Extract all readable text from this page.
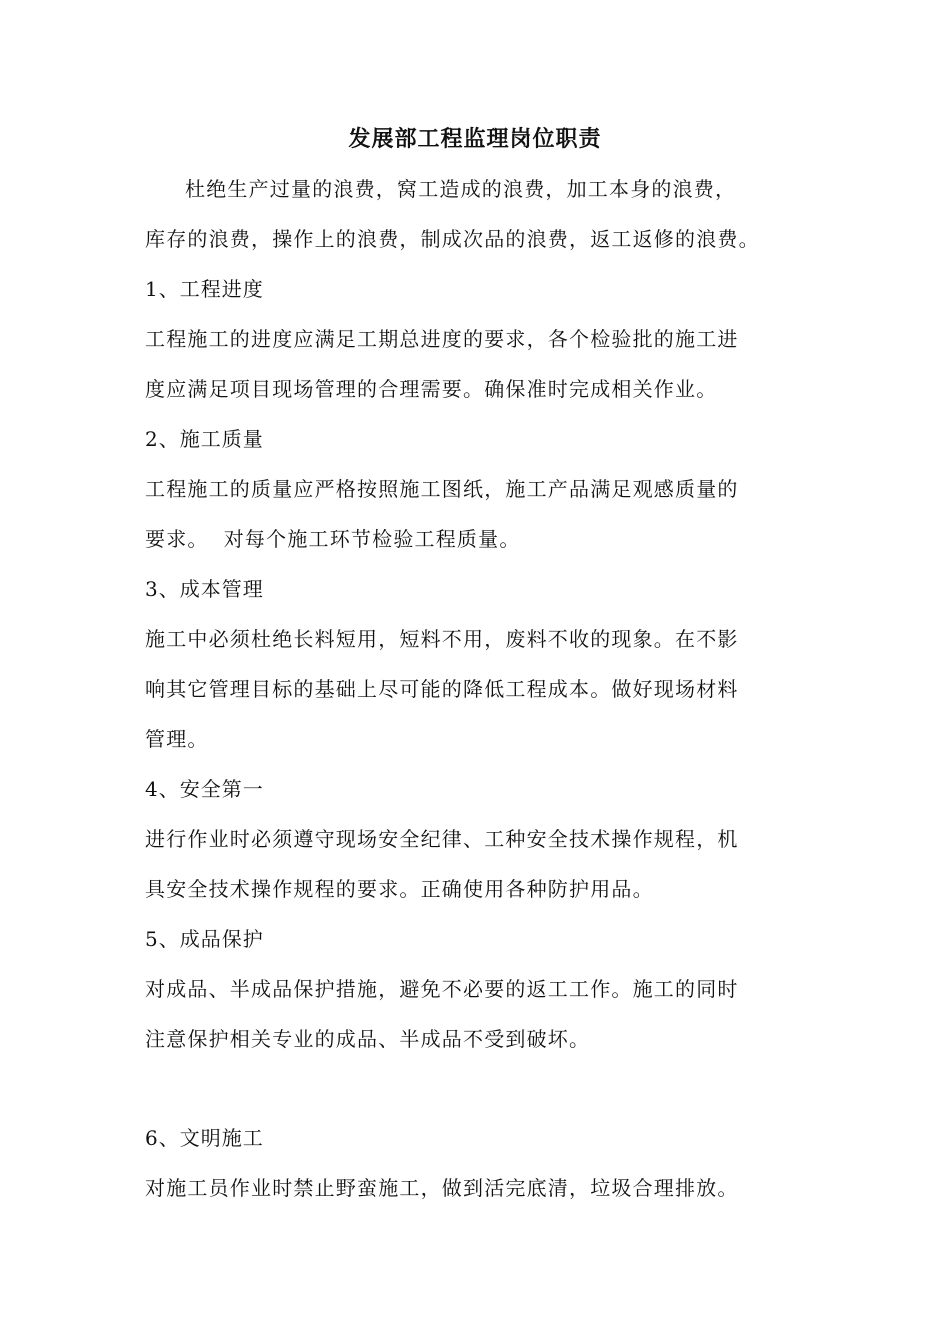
发展部工程监理岗位职责
杜绝生产过量的浪费，窝工造成的浪费，加工本身的浪费，
库存的浪费，操作上的浪费，制成次品的浪费，返工返修的浪费。
1、工程进度
工程施工的进度应满足工期总进度的要求，各个检验批的施工进
度应满足项目现场管理的合理需要。确保准时完成相关作业。
2、施工质量
工程施工的质量应严格按照施工图纸，施工产品满足观感质量的
要求。  对每个施工环节检验工程质量。
3、成本管理
施工中必须杜绝长料短用，短料不用，废料不收的现象。在不影
响其它管理目标的基础上尽可能的降低工程成本。做好现场材料
管理。
4、安全第一
进行作业时必须遵守现场安全纪律、工种安全技术操作规程，机
具安全技术操作规程的要求。正确使用各种防护用品。
5、成品保护
对成品、半成品保护措施，避免不必要的返工工作。施工的同时
注意保护相关专业的成品、半成品不受到破坏。
6、文明施工
对施工员作业时禁止野蛮施工，做到活完底清，垃圾合理排放。
